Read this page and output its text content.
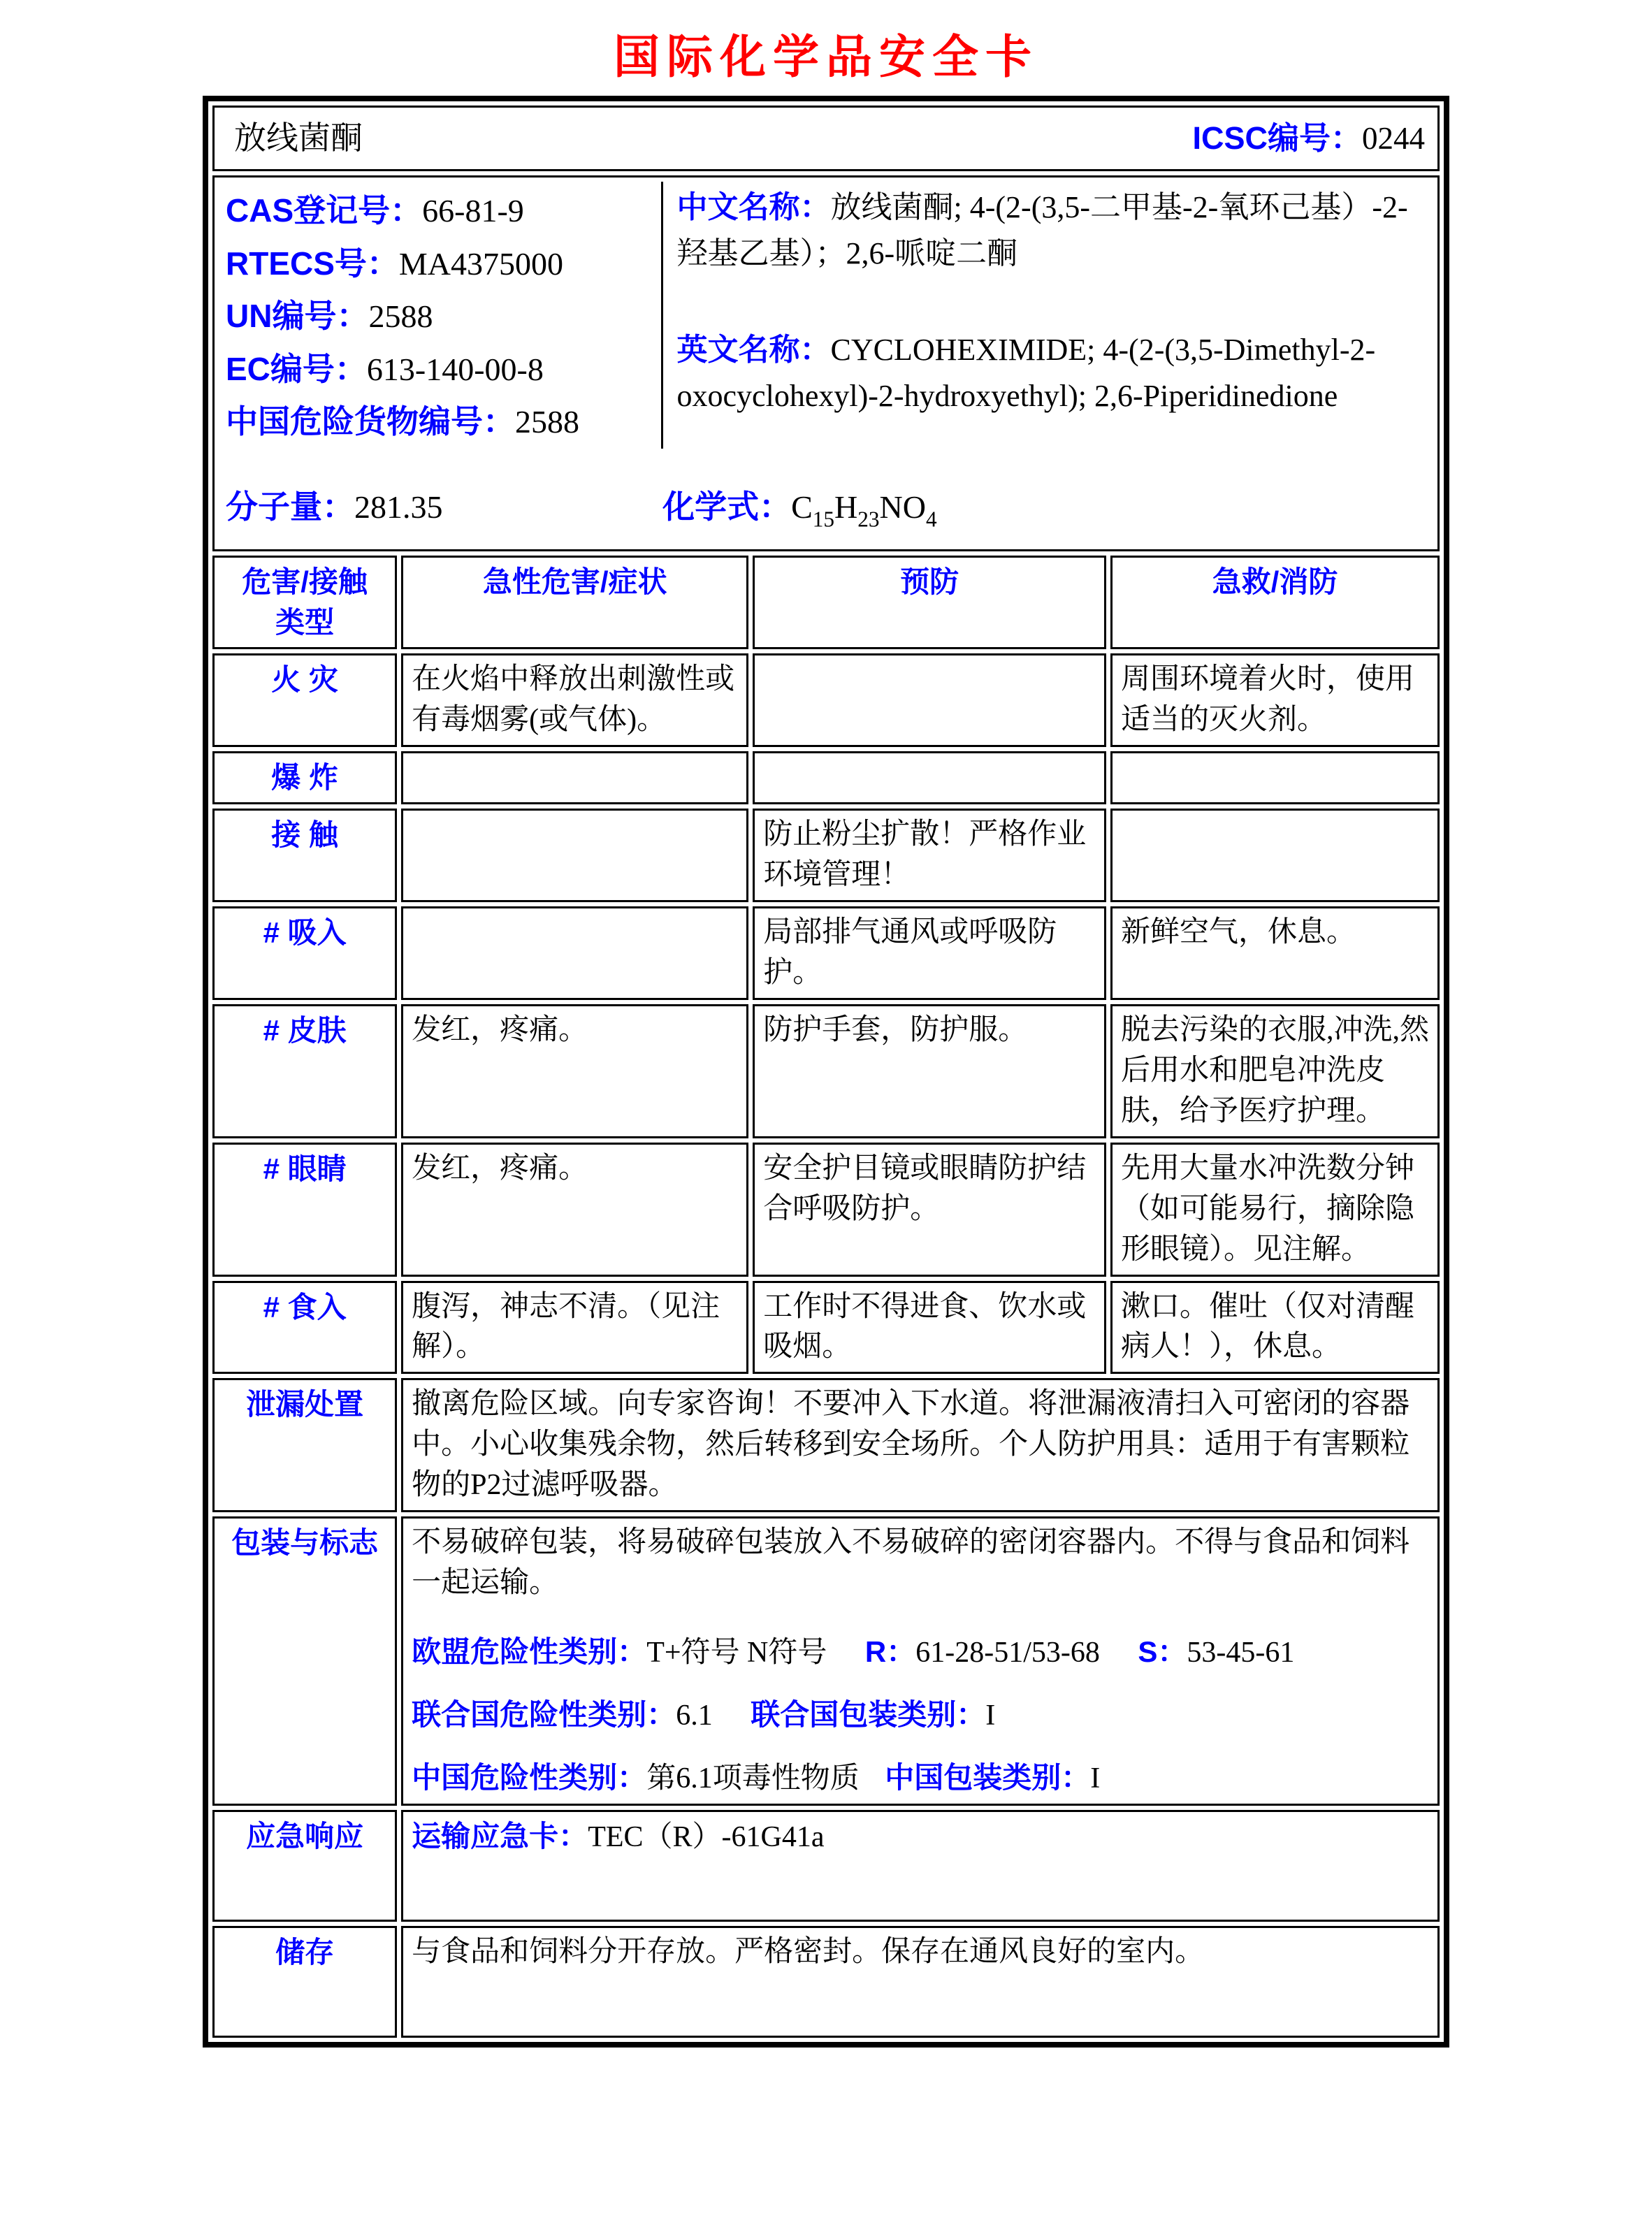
国际化学品安全卡
放线菌酮 ICSC编号：0244			

CAS登记号：66-81-9
RTECS号：MA4375000
UN编号：2588
EC编号：613-140-00-8
中国危险货物编号：2588

中文名称：放线菌酮; 4-(2-(3,5-二甲基-2-氧环己基）-2-羟基乙基）；2,6-哌啶二酮

英文名称：CYCLOHEXIMIDE; 4-(2-(3,5-Dimethyl-2-oxocyclohexyl)-2-hydroxyethyl); 2,6-Piperidinedione

分子量：281.35	化学式：$C_{15}H_{23}NO_4$

危害/接触
类型	急性危害/症状	预防	急救/消防
火 灾	在火焰中释放出刺激性或有毒烟雾(或气体)。		周围环境着火时，使用适当的灭火剂。
爆 炸			
接 触		防止粉尘扩散！严格作业环境管理！	
# 吸入		局部排气通风或呼吸防护。	新鲜空气，休息。
# 皮肤	发红，疼痛。	防护手套，防护服。	脱去污染的衣服,冲洗,然后用水和肥皂冲洗皮肤，给予医疗护理。
# 眼睛	发红，疼痛。	安全护目镜或眼睛防护结合呼吸防护。	先用大量水冲洗数分钟（如可能易行，摘除隐形眼镜）。见注解。
# 食入	腹泻，神志不清。（见注解）。	工作时不得进食、饮水或吸烟。	漱口。催吐（仅对清醒病人！），休息。
泄漏处置	撤离危险区域。向专家咨询！不要冲入下水道。将泄漏液清扫入可密闭的容器中。小心收集残余物，然后转移到安全场所。个人防护用具：适用于有害颗粒物的P2过滤呼吸器。		
包装与标志	不易破碎包装，将易破碎包装放入不易破碎的密闭容器内。不得与食品和饲料一起运输。
欧盟危险性类别：T+符号 N符号 R：61-28-51/53-68 S：53-45-61
联合国危险性类别：6.1 联合国包装类别：I
中国危险性类别：第6.1项毒性物质 中国包装类别：I		

应急响应	运输应急卡：TEC（R）-61G41a		
储存	与食品和饲料分开存放。严格密封。保存在通风良好的室内。		
